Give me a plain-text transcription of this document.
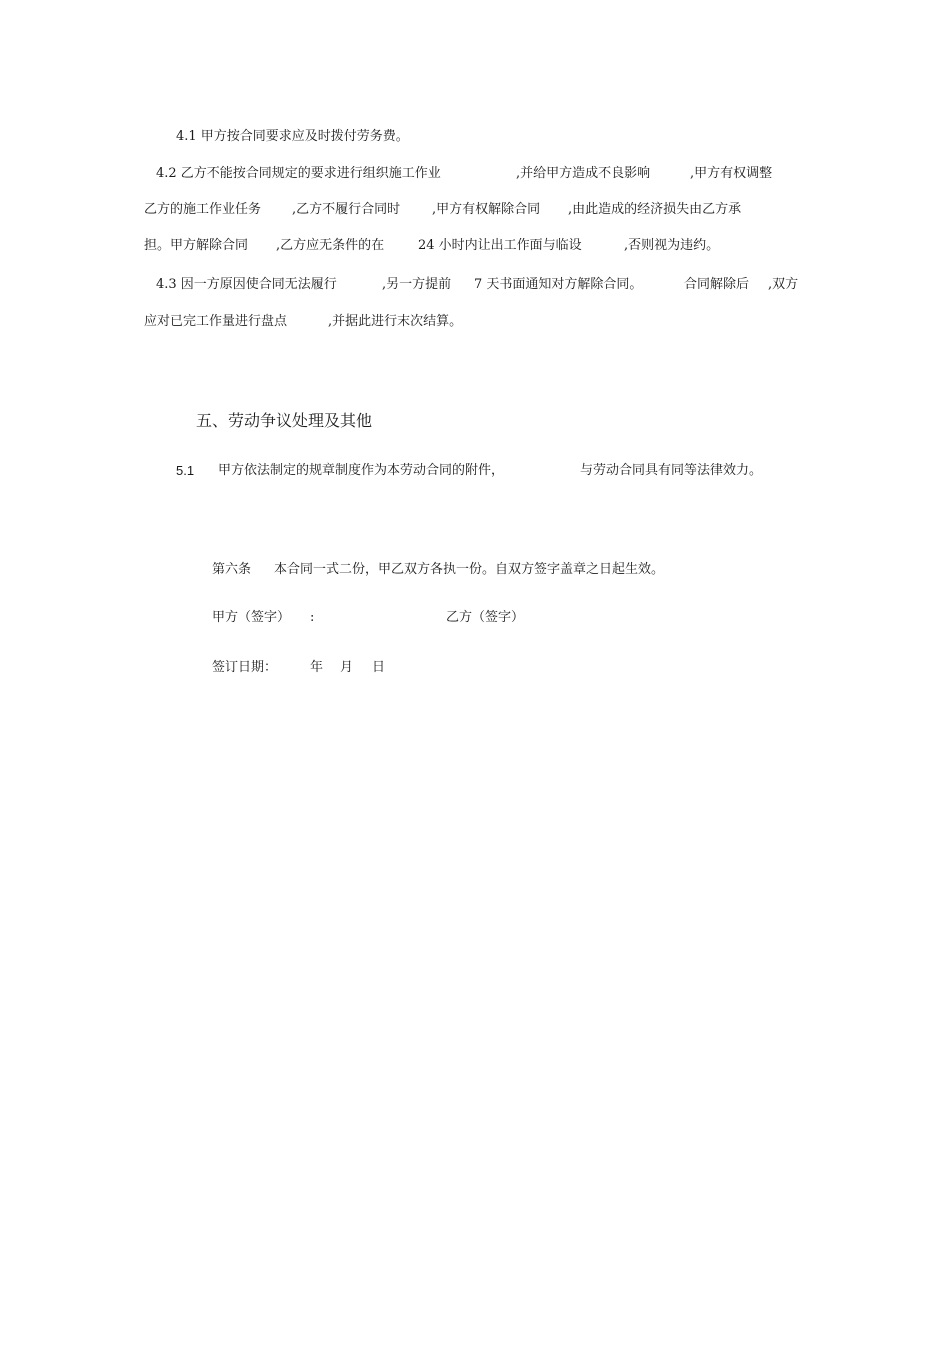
4.1 甲方按合同要求应及时拨付劳务费。
4.2 乙方不能按合同规定的要求进行组织施工作业	,并给甲方造成不良影响	,甲方有权调整
乙方的施工作业任务 ,乙方不履行合同时 ,甲方有权解除合同 ,由此造成的经济损失由乙方承
担。甲方解除合同 ,乙方应无条件的在	24 小时内让出工作面与临设	,否则视为违约。
4.3 因一方原因使合同无法履行	,另一方提前 7 天书面通知对方解除合同。	合同解除后 ,双方
应对已完工作量进行盘点	,并据此进行末次结算。
五、劳动争议处理及其他
5.1 甲方依法制定的规章制度作为本劳动合同的附件，	与劳动合同具有同等法律效力。
第六条 本合同一式二份，甲乙双方各执一份。自双方签字盖章之日起生效。
甲方（签字） :	乙方（签字）
签订日期：	年 月 日
